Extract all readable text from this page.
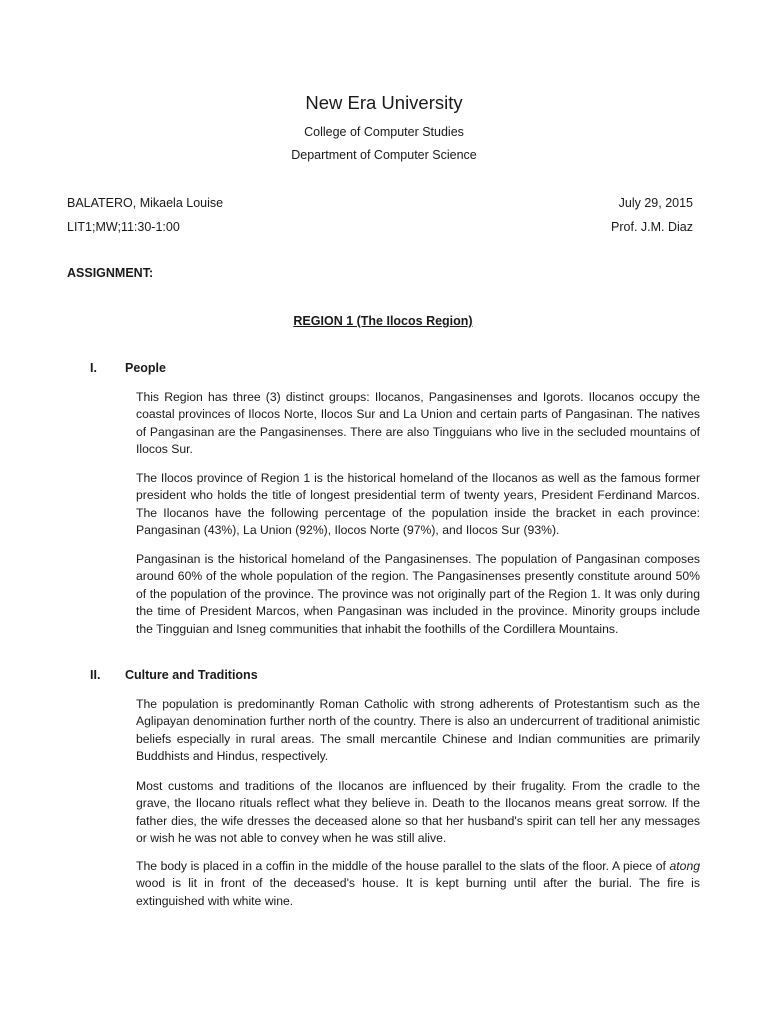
New Era University
College of Computer Studies
Department of Computer Science
BALATERO, Mikaela Louise	July 29, 2015
LIT1;MW;11:30-1:00	Prof. J.M. Diaz
ASSIGNMENT:
REGION 1 (The Ilocos Region)
I. People
This Region has three (3) distinct groups: Ilocanos, Pangasinenses and Igorots. Ilocanos occupy the coastal provinces of Ilocos Norte, Ilocos Sur and La Union and certain parts of Pangasinan. The natives of Pangasinan are the Pangasinenses. There are also Tingguians who live in the secluded mountains of Ilocos Sur.
The Ilocos province of Region 1 is the historical homeland of the Ilocanos as well as the famous former president who holds the title of longest presidential term of twenty years, President Ferdinand Marcos. The Ilocanos have the following percentage of the population inside the bracket in each province: Pangasinan (43%), La Union (92%), Ilocos Norte (97%), and Ilocos Sur (93%).
Pangasinan is the historical homeland of the Pangasinenses. The population of Pangasinan composes around 60% of the whole population of the region. The Pangasinenses presently constitute around 50% of the population of the province. The province was not originally part of the Region 1. It was only during the time of President Marcos, when Pangasinan was included in the province. Minority groups include the Tingguian and Isneg communities that inhabit the foothills of the Cordillera Mountains.
II. Culture and Traditions
The population is predominantly Roman Catholic with strong adherents of Protestantism such as the Aglipayan denomination further north of the country. There is also an undercurrent of traditional animistic beliefs especially in rural areas. The small mercantile Chinese and Indian communities are primarily Buddhists and Hindus, respectively.
Most customs and traditions of the Ilocanos are influenced by their frugality. From the cradle to the grave, the Ilocano rituals reflect what they believe in. Death to the Ilocanos means great sorrow. If the father dies, the wife dresses the deceased alone so that her husband's spirit can tell her any messages or wish he was not able to convey when he was still alive.
The body is placed in a coffin in the middle of the house parallel to the slats of the floor. A piece of atong wood is lit in front of the deceased's house. It is kept burning until after the burial. The fire is extinguished with white wine.
